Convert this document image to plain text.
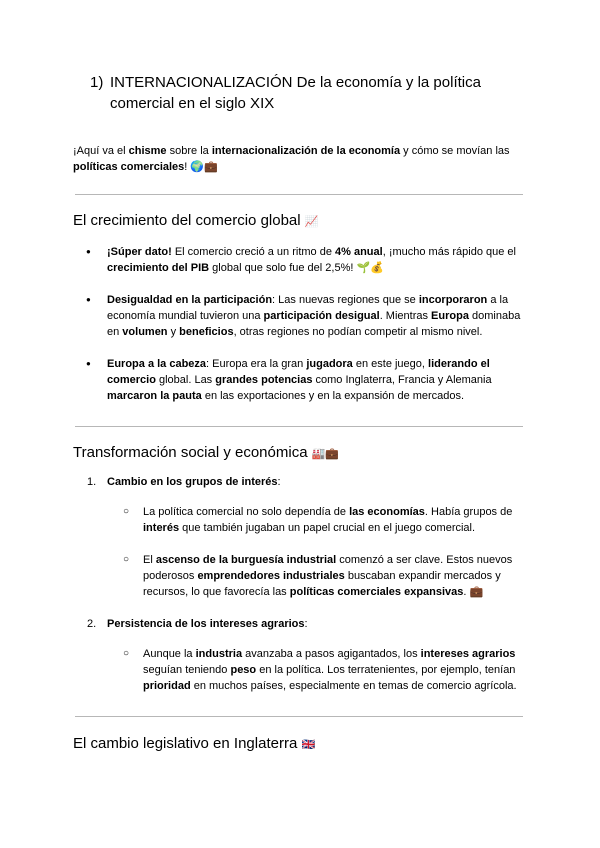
1) INTERNACIONALIZACIÓN De la economía y la política comercial en el siglo XIX

¡Aquí va el chisme sobre la internacionalización de la economía y cómo se movían las políticas comerciales! 🌍💼

El crecimiento del comercio global 📈
● ¡Súper dato! El comercio creció a un ritmo de 4% anual, ¡mucho más rápido que el crecimiento del PIB global que solo fue del 2,5%! 🌱💰
● Desigualdad en la participación: Las nuevas regiones que se incorporaron a la economía mundial tuvieron una participación desigual. Mientras Europa dominaba en volumen y beneficios, otras regiones no podían competir al mismo nivel.
● Europa a la cabeza: Europa era la gran jugadora en este juego, liderando el comercio global. Las grandes potencias como Inglaterra, Francia y Alemania marcaron la pauta en las exportaciones y en la expansión de mercados.
Transformación social y económica 🏭💼
1. Cambio en los grupos de interés:
○ La política comercial no solo dependía de las economías. Había grupos de interés que también jugaban un papel crucial en el juego comercial.
○ El ascenso de la burguesía industrial comenzó a ser clave. Estos nuevos poderosos emprendedores industriales buscaban expandir mercados y recursos, lo que favorecía las políticas comerciales expansivas. 💼
2. Persistencia de los intereses agrarios:
○ Aunque la industria avanzaba a pasos agigantados, los intereses agrarios seguían teniendo peso en la política. Los terratenientes, por ejemplo, tenían prioridad en muchos países, especialmente en temas de comercio agrícola.
El cambio legislativo en Inglaterra 🇬🇧
